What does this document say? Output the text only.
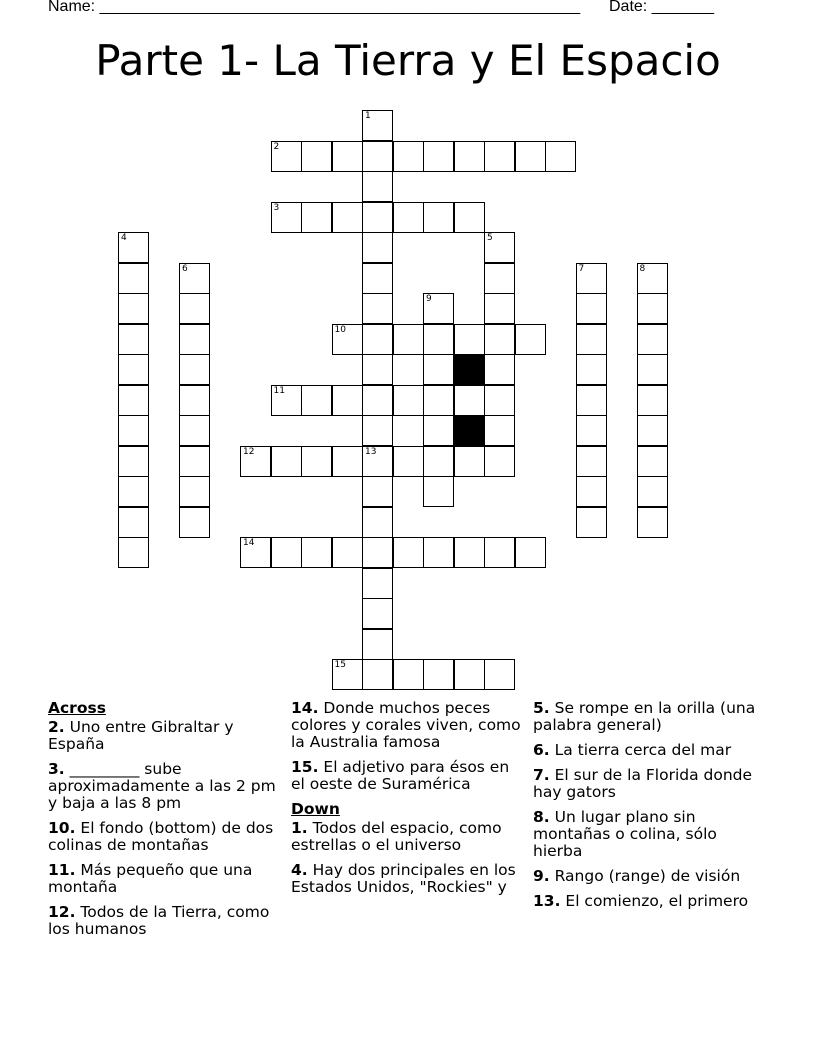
Name: ______________________________________________________ Date: _______
Parte 1- La Tierra y El Espacio
2
3
10
11
12	13
14
15
1
4	5
6	7	8
9
Across
2. Uno entre Gibraltar y España
3. _________ sube aproximadamente a las 2 pm y baja a las 8 pm
10. El fondo (bottom) de dos colinas de montañas
11. Más pequeño que una montaña
12. Todos de la Tierra, como los humanos
14. Donde muchos peces colores y corales viven, como la Australia famosa
15. El adjetivo para ésos en el oeste de Suramérica
Down
1. Todos del espacio, como estrellas o el universo
4. Hay dos principales en los Estados Unidos, "Rockies" y
5. Se rompe en la orilla (una palabra general)
6. La tierra cerca del mar
7. El sur de la Florida donde hay gators
8. Un lugar plano sin montañas o colina, sólo hierba
9. Rango (range) de visión
13. El comienzo, el primero
